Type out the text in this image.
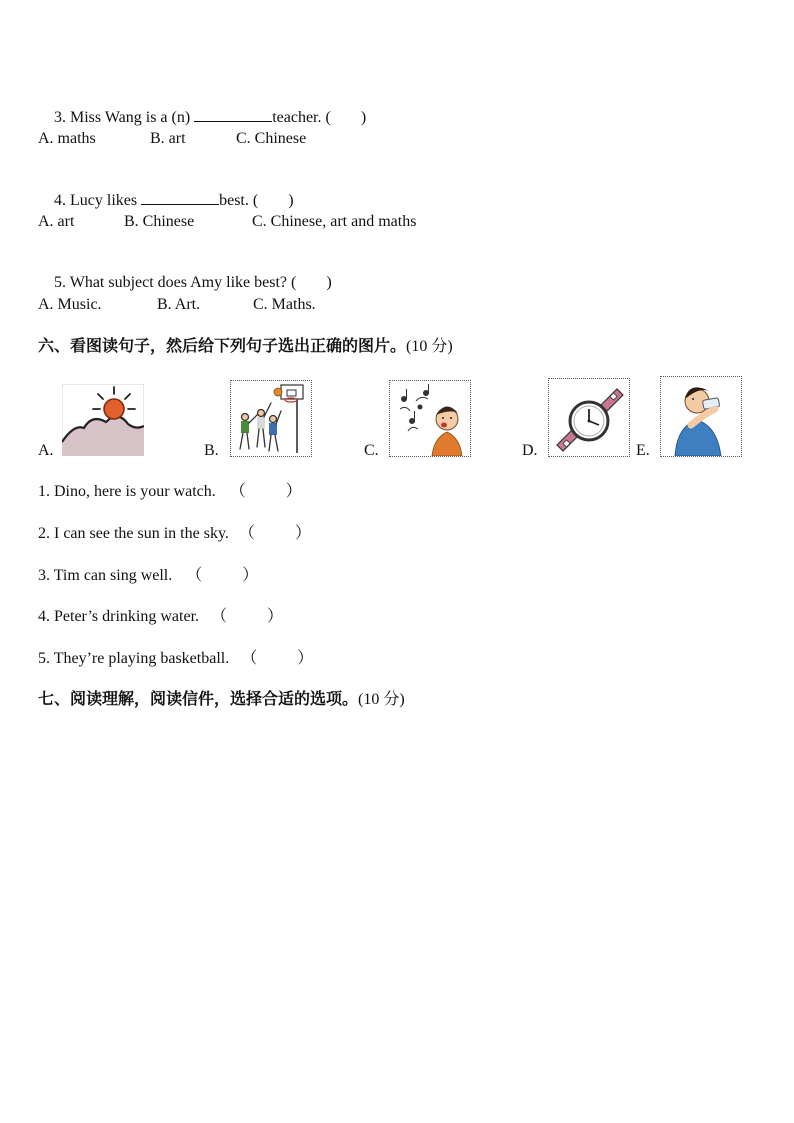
3. Miss Wang is a (n)	teacher. ( )

A. maths	B. art	C. Chinese

4. Lucy likes	best. ( )

A. art	B. Chinese	C. Chinese, art and maths

5. What subject does Amy like best? ( )

A. Music.	B. Art.	C. Maths.
六、看图读句子，然后给下列句子选出正确的图片。(10 分)
A.	B.	C.	D.	E.
1. Dino, here is your watch. （	）
2. I can see the sun in the sky. （	）
3. Tim can sing well. （	）
4. Peter’s drinking water. （	）
5. They’re playing basketball. （	）
七、阅读理解，阅读信件，选择合适的选项。(10 分)
